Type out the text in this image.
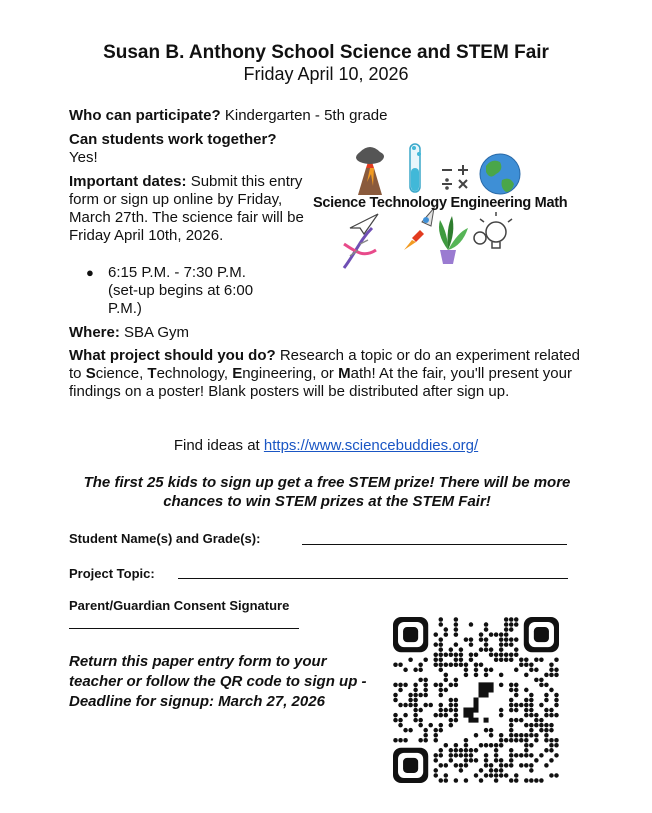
Susan B. Anthony School Science and STEM Fair
Friday April 10, 2026
Who can participate? Kindergarten - 5th grade
Can students work together?
Yes!
Important dates: Submit this entry form or sign up online by Friday, March 27th. The science fair will be Friday April 10th, 2026.
● 6:15 P.M. - 7:30 P.M.
(set-up begins at 6:00 P.M.)
Where: SBA Gym
What project should you do? Research a topic or do an experiment related to Science, Technology, Engineering, or Math! At the fair, you'll present your findings on a poster! Blank posters will be distributed after sign up.
Find ideas at https://www.sciencebuddies.org/
The first 25 kids to sign up get a free STEM prize! There will be more chances to win STEM prizes at the STEM Fair!
Student Name(s) and Grade(s):
Project Topic:
Parent/Guardian Consent Signature
Return this paper entry form to your teacher or follow the QR code to sign up - Deadline for signup: March 27, 2026
Science Technology Engineering Math
